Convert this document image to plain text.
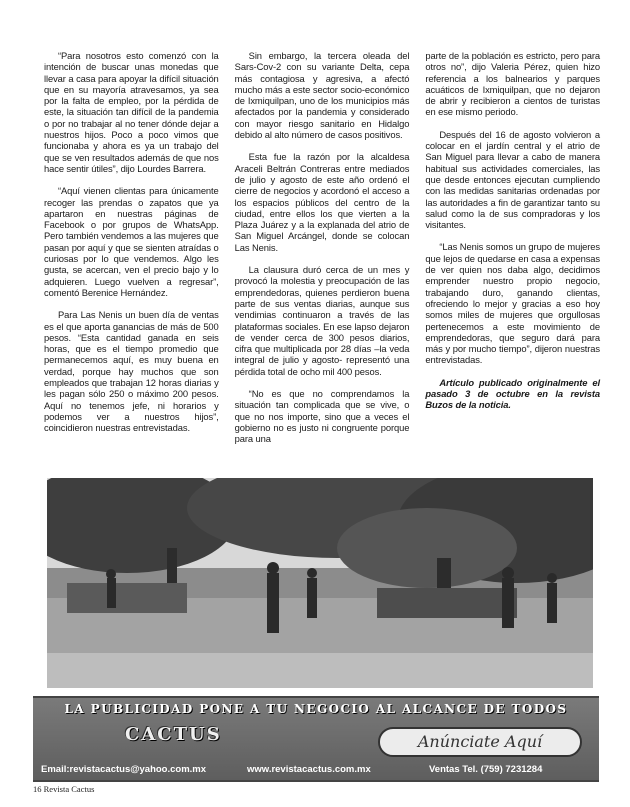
“Para nosotros esto comenzó con la intención de buscar unas monedas que llevar a casa para apoyar la difícil situación que en su mayoría atravesamos, ya sea por la falta de empleo, por la pérdida de este, la situación tan difícil de la pandemia o por no trabajar al no tener dónde dejar a nuestros hijos. Poco a poco vimos que funcionaba y ahora es ya un trabajo del que se ven resultados además de que nos hace sentir útiles”, dijo Lourdes Barrera.

“Aquí vienen clientas para únicamente recoger las prendas o zapatos que ya apartaron en nuestras páginas de Facebook o por grupos de WhatsApp. Pero también vendemos a las mujeres que pasan por aquí y que se sienten atraídas o curiosas por lo que vendemos. Algo les gusta, se acercan, ven el precio bajo y lo adquieren. Luego vuelven a regresar”, comentó Berenice Hernández.

Para Las Nenis un buen día de ventas es el que aporta ganancias de más de 500 pesos. “Esta cantidad ganada en seis horas, que es el tiempo promedio que permanecemos aquí, es muy buena en verdad, porque hay muchos que son empleados que trabajan 12 horas diarias y les pagan sólo 250 o máximo 200 pesos. Aquí no tenemos jefe, ni horarios y podemos ver a nuestros hijos”, coincidieron nuestras entrevistadas.

Sin embargo, la tercera oleada del Sars-Cov-2 con su variante Delta, cepa más contagiosa y agresiva, a afectó mucho más a este sector socio-económico de Ixmiquilpan, uno de los municipios más afectados por la pandemia y considerado con mayor riesgo sanitario en Hidalgo debido al alto número de casos positivos.

Esta fue la razón por la alcaldesa Araceli Beltrán Contreras entre mediados de julio y agosto de este año ordenó el cierre de negocios y acordonó el acceso a los espacios públicos del centro de la ciudad, entre ellos los que vierten a la Plaza Juárez y a la explanada del atrio de San Miguel Arcángel, donde se colocan Las Nenis.

La clausura duró cerca de un mes y provocó la molestia y preocupación de las emprendedoras, quienes perdieron buena parte de sus ventas diarias, aunque sus vendimias continuaron a través de las plataformas sociales. En ese lapso dejaron de vender cerca de 300 pesos diarios, cifra que multiplicada por 28 días –la veda integral de julio y agosto- representó una pérdida total de ocho mil 400 pesos.

“No es que no comprendamos la situación tan complicada que se vive, o que no nos importe, sino que a veces el gobierno no es justo ni congruente porque para una

parte de la población es estricto, pero para otros no”, dijo Valeria Pérez, quien hizo referencia a los balnearios y parques acuáticos de Ixmiquilpan, que no dejaron de abrir y recibieron a cientos de turistas en ese mismo periodo.

Después del 16 de agosto volvieron a colocar en el jardín central y el atrio de San Miguel para llevar a cabo de manera habitual sus actividades comerciales, las que desde entonces ejecutan cumpliendo con las medidas sanitarias ordenadas por las autoridades a fin de garantizar tanto su salud como la de sus compradoras y los visitantes.

“Las Nenis somos un grupo de mujeres que lejos de quedarse en casa a expensas de ver quien nos daba algo, decidimos emprender nuestro propio negocio, trabajando duro, ganando clientas, ofreciendo lo mejor y gracias a eso hoy somos miles de mujeres que orgullosas pertenecemos a este movimiento de emprendedoras, que seguro dará para más y por mucho tiempo”, dijeron nuestras entrevistadas.

Artículo publicado originalmente el pasado 3 de octubre en la revista Buzos de la noticia.

LA PUBLICIDAD PONE A TU NEGOCIO AL ALCANCE DE TODOS
CACTUS	Anúnciate Aquí
Email:revistacactus@yahoo.com.mx	www.revistacactus.com.mx	Ventas Tel. (759) 7231284
16 Revista Cactus
